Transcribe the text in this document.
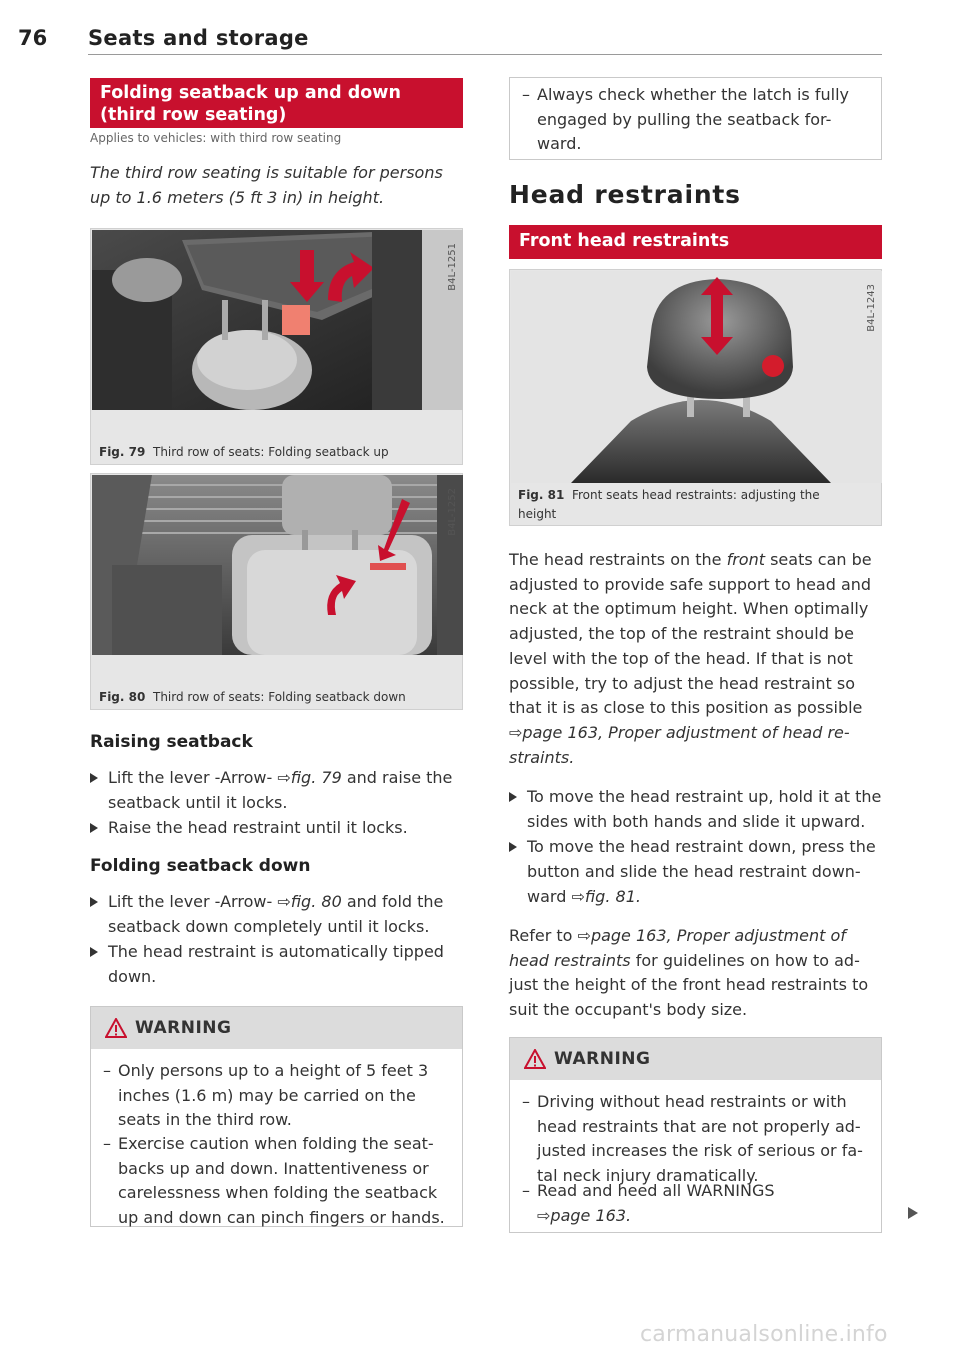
76 Seats and storage
Folding seatback up and down (third row seating)
Applies to vehicles: with third row seating
The third row seating is suitable for persons up to 1.6 meters (5 ft 3 in) in height.
B4L-1251
Fig. 79 Third row of seats: Folding seatback up
B4L-1252
Fig. 80 Third row of seats: Folding seatback down
Raising seatback
Lift the lever -Arrow- ⇨fig. 79 and raise the
seatback until it locks.
Raise the head restraint until it locks.
Folding seatback down
Lift the lever -Arrow- ⇨fig. 80 and fold the
seatback down completely until it locks.
The head restraint is automatically tipped
down.
WARNING
– Only persons up to a height of 5 feet 3
inches (1.6 m) may be carried on the
seats in the third row.
– Exercise caution when folding the seat-
backs up and down. Inattentiveness or
carelessness when folding the seatback
up and down can pinch fingers or hands.
– Always check whether the latch is fully
engaged by pulling the seatback for-
ward.
Head restraints
Front head restraints
B4L-1243
Fig. 81 Front seats head restraints: adjusting the
height
The head restraints on the front seats can be
adjusted to provide safe support to head and
neck at the optimum height. When optimally
adjusted, the top of the restraint should be
level with the top of the head. If that is not
possible, try to adjust the head restraint so
that it is as close to this position as possible
⇨page 163, Proper adjustment of head re-
straints.
To move the head restraint up, hold it at the
sides with both hands and slide it upward.
To move the head restraint down, press the
button and slide the head restraint down-
ward ⇨fig. 81.
Refer to ⇨page 163, Proper adjustment of
head restraints for guidelines on how to ad-
just the height of the front head restraints to
suit the occupant's body size.
WARNING
– Driving without head restraints or with
head restraints that are not properly ad-
justed increases the risk of serious or fa-
tal neck injury dramatically.
– Read and heed all WARNINGS
⇨page 163.
carmanualsonline.info
